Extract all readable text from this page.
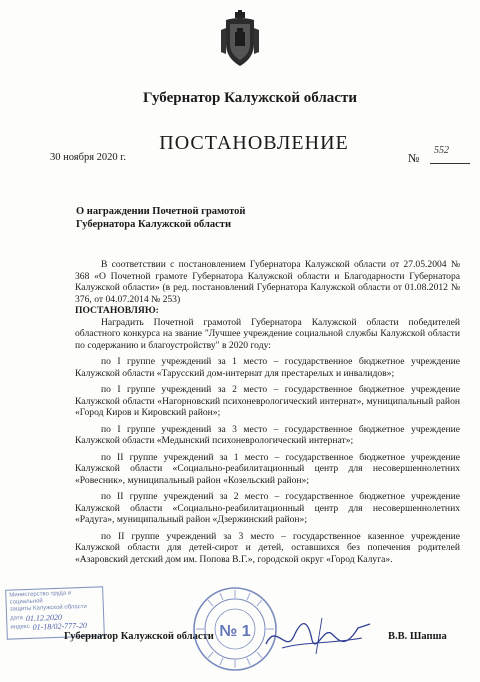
Губернатор Калужской области
ПОСТАНОВЛЕНИЕ
30 ноября 2020 г.	№
552
О награждении Почетной грамотой
Губернатора Калужской области

В соответствии с постановлением Губернатора Калужской области от 27.05.2004 № 368 «О Почетной грамоте Губернатора Калужской области и Благодарности Губернатора Калужской области» (в ред. постановлений Губернатора Калужской области от 01.08.2012 № 376, от 04.07.2014 № 253)

ПОСТАНОВЛЯЮ:

Наградить Почетной грамотой Губернатора Калужской области победителей областного конкурса на звание "Лучшее учреждение социальной службы Калужской области по содержанию и благоустройству" в 2020 году:

по I группе учреждений за 1 место – государственное бюджетное учреждение Калужской области «Тарусский дом-интернат для престарелых и инвалидов»;

по I группе учреждений за 2 место – государственное бюджетное учреждение Калужской области «Нагорновский психоневрологический интернат», муниципальный район «Город Киров и Кировский район»;

по I группе учреждений за 3 место – государственное бюджетное учреждение Калужской области «Медынский психоневрологический интернат»;

по II группе учреждений за 1 место – государственное бюджетное учреждение Калужской области «Социально-реабилитационный центр для несовершеннолетних «Ровесник», муниципальный район «Козельский район»;

по II группе учреждений за 2 место – государственное бюджетное учреждение Калужской области «Социально-реабилитационный центр для несовершеннолетних «Радуга», муниципальный район «Дзержинский район»;

по II группе учреждений за 3 место – государственное казенное учреждение Калужской области для детей-сирот и детей, оставшихся без попечения родителей «Азаровский детский дом им. Попова В.Г.», городской округ «Город Калуга».

Министерство труда и социальной
защиты Калужской области
дата 01.12.2020
индекс 01-18/02-777-20
Губернатор Калужской области № 1	В.В. Шапша
